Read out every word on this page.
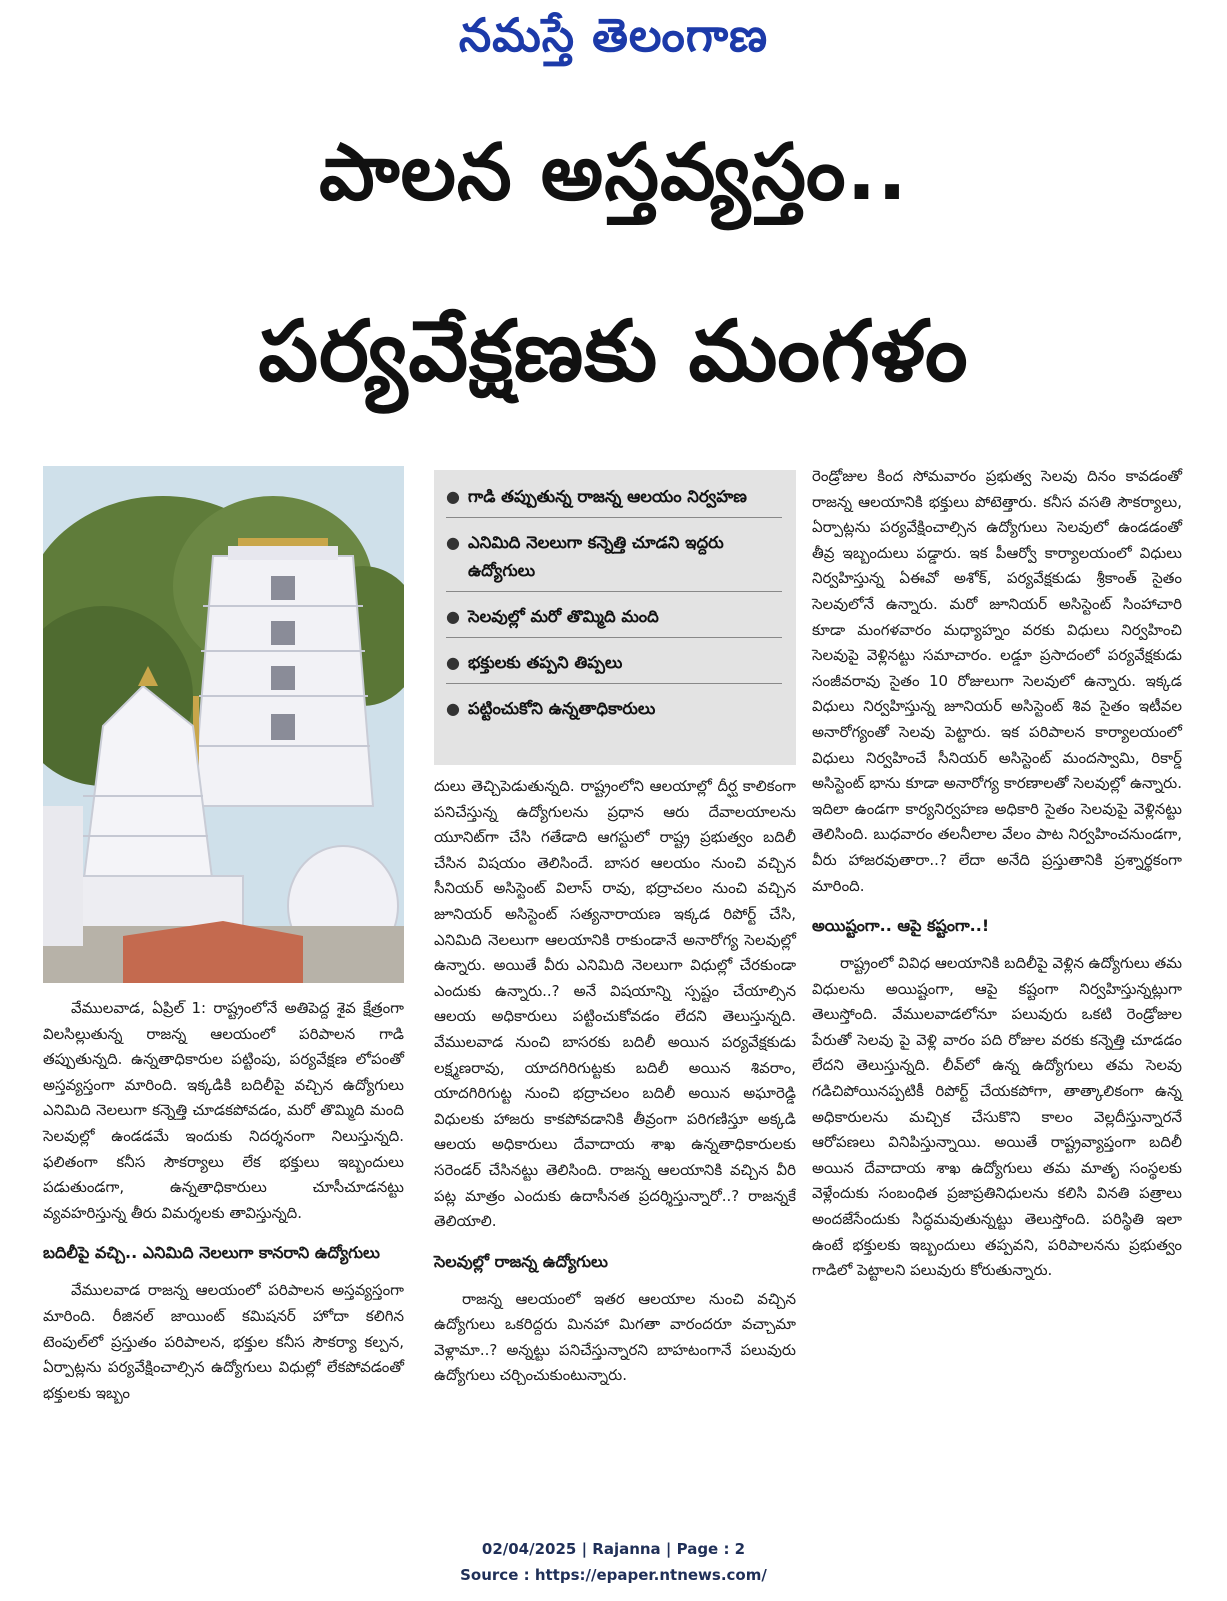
నమస్తే తెలంగాణ
పాలన అస్తవ్యస్తం..
పర్యవేక్షణకు మంగళం
● గాడి తప్పుతున్న రాజన్న ఆలయం నిర్వహణ
● ఎనిమిది నెలలుగా కన్నెత్తి చూడని ఇద్దరు ఉద్యోగులు
● సెలవుల్లో మరో తొమ్మిది మంది
● భక్తులకు తప్పని తిప్పలు
● పట్టించుకోని ఉన్నతాధికారులు

వేములవాడ, ఏప్రిల్ 1: రాష్ట్రంలోనే అతిపెద్ద శైవ క్షేత్రంగా విలసిల్లుతున్న రాజన్న ఆలయంలో పరిపాలన గాడి తప్పుతున్నది. ఉన్నతాధికారుల పట్టింపు, పర్యవేక్షణ లోపంతో అస్తవ్యస్తంగా మారింది. ఇక్కడికి బదిలీపై వచ్చిన ఉద్యోగులు ఎనిమిది నెలలుగా కన్నెత్తి చూడకపోవడం, మరో తొమ్మిది మంది సెలవుల్లో ఉండడమే ఇందుకు నిదర్శనంగా నిలుస్తున్నది. ఫలితంగా కనీస సౌకర్యాలు లేక భక్తులు ఇబ్బందులు పడుతుండగా, ఉన్నతాధికారులు చూసీచూడనట్టు వ్యవహరిస్తున్న తీరు విమర్శలకు తావిస్తున్నది.

బదిలీపై వచ్చి.. ఎనిమిది నెలలుగా కానరాని ఉద్యోగులు

వేములవాడ రాజన్న ఆలయంలో పరిపాలన అస్తవ్యస్తంగా మారింది. రీజినల్ జాయింట్ కమిషనర్ హోదా కలిగిన టెంపుల్‌లో ప్రస్తుతం పరిపాలన, భక్తుల కనీస సౌకర్యా కల్పన, ఏర్పాట్లను పర్యవేక్షించాల్సిన ఉద్యోగులు విధుల్లో లేకపోవడంతో భక్తులకు ఇబ్బం

దులు తెచ్చిపెడుతున్నది. రాష్ట్రంలోని ఆలయాల్లో దీర్ఘ కాలికంగా పనిచేస్తున్న ఉద్యోగులను ప్రధాన ఆరు దేవాలయాలను యూనిట్‌గా చేసి గతేడాది ఆగస్టులో రాష్ట్ర ప్రభుత్వం బదిలీ చేసిన విషయం తెలిసిందే. బాసర ఆలయం నుంచి వచ్చిన సీనియర్ అసిస్టెంట్ విలాస్ రావు, భద్రాచలం నుంచి వచ్చిన జూనియర్ అసిస్టెంట్ సత్యనారాయణ ఇక్కడ రిపోర్ట్ చేసి, ఎనిమిది నెలలుగా ఆలయానికి రాకుండానే అనారోగ్య సెలవుల్లో ఉన్నారు. అయితే వీరు ఎనిమిది నెలలుగా విధుల్లో చేరకుండా ఎందుకు ఉన్నారు..? అనే విషయాన్ని స్పష్టం చేయాల్సిన ఆలయ అధికారులు పట్టించుకోవడం లేదని తెలుస్తున్నది. వేములవాడ నుంచి బాసరకు బదిలీ అయిన పర్యవేక్షకుడు లక్ష్మణరావు, యాదగిరిగుట్టకు బదిలీ అయిన శివరాం, యాదగిరిగుట్ట నుంచి భద్రాచలం బదిలీ అయిన అఘారెడ్డి విధులకు హాజరు కాకపోవడానికి తీవ్రంగా పరిగణిస్తూ అక్కడి ఆలయ అధికారులు దేవాదాయ శాఖ ఉన్నతాధికారులకు సరెండర్ చేసినట్టు తెలిసింది. రాజన్న ఆలయానికి వచ్చిన వీరి పట్ల మాత్రం ఎందుకు ఉదాసీనత ప్రదర్శిస్తున్నారో..? రాజన్నకే తెలియాలి.

సెలవుల్లో రాజన్న ఉద్యోగులు

రాజన్న ఆలయంలో ఇతర ఆలయాల నుంచి వచ్చిన ఉద్యోగులు ఒకరిద్దరు మినహా మిగతా వారందరూ వచ్చామా వెళ్లామా..? అన్నట్టు పనిచేస్తున్నారని బాహటంగానే పలువురు ఉద్యోగులు చర్చించుకుంటున్నారు.

రెండ్రోజుల కింద సోమవారం ప్రభుత్వ సెలవు దినం కావడంతో రాజన్న ఆలయానికి భక్తులు పోటెత్తారు. కనీస వసతి సౌకర్యాలు, ఏర్పాట్లను పర్యవేక్షించాల్సిన ఉద్యోగులు సెలవులో ఉండడంతో తీవ్ర ఇబ్బందులు పడ్డారు. ఇక పీఆర్వో కార్యాలయంలో విధులు నిర్వహిస్తున్న ఏఈవో అశోక్, పర్యవేక్షకుడు శ్రీకాంత్ సైతం సెలవులోనే ఉన్నారు. మరో జూనియర్ అసిస్టెంట్ సింహాచారి కూడా మంగళవారం మధ్యాహ్నం వరకు విధులు నిర్వహించి సెలవుపై వెళ్లినట్టు సమాచారం. లడ్డూ ప్రసాదంలో పర్యవేక్షకుడు సంజీవరావు సైతం 10 రోజులుగా సెలవులో ఉన్నారు. ఇక్కడ విధులు నిర్వహిస్తున్న జూనియర్ అసిస్టెంట్ శివ సైతం ఇటీవల అనారోగ్యంతో సెలవు పెట్టారు. ఇక పరిపాలన కార్యాలయంలో విధులు నిర్వహించే సీనియర్ అసిస్టెంట్ మందస్వామి, రికార్డ్ అసిస్టెంట్ భాను కూడా అనారోగ్య కారణాలతో సెలవుల్లో ఉన్నారు. ఇదిలా ఉండగా కార్యనిర్వహణ అధికారి సైతం సెలవుపై వెళ్లినట్టు తెలిసింది. బుధవారం తలనీలాల వేలం పాట నిర్వహించనుండగా, వీరు హాజరవుతారా..? లేదా అనేది ప్రస్తుతానికి ప్రశ్నార్థకంగా మారింది.

అయిష్టంగా.. ఆపై కష్టంగా..!

రాష్ట్రంలో వివిధ ఆలయానికి బదిలీపై వెళ్లిన ఉద్యోగులు తమ విధులను అయిష్టంగా, ఆపై కష్టంగా నిర్వహిస్తున్నట్లుగా తెలుస్తోంది. వేములవాడలోనూ పలువురు ఒకటి రెండ్రోజుల పేరుతో సెలవు పై వెళ్లి వారం పది రోజుల వరకు కన్నెత్తి చూడడం లేదని తెలుస్తున్నది. లీవ్‌లో ఉన్న ఉద్యోగులు తమ సెలవు గడిచిపోయినప్పటికీ రిపోర్ట్ చేయకపోగా, తాత్కాలికంగా ఉన్న అధికారులను మచ్చిక చేసుకొని కాలం వెల్లదీస్తున్నారనే ఆరోపణలు వినిపిస్తున్నాయి. అయితే రాష్ట్రవ్యాప్తంగా బదిలీ అయిన దేవాదాయ శాఖ ఉద్యోగులు తమ మాతృ సంస్థలకు వెళ్లేందుకు సంబంధిత ప్రజాప్రతినిధులను కలిసి వినతి పత్రాలు అందజేసేందుకు సిద్ధమవుతున్నట్టు తెలుస్తోంది. పరిస్థితి ఇలా ఉంటే భక్తులకు ఇబ్బందులు తప్పవని, పరిపాలనను ప్రభుత్వం గాడిలో పెట్టాలని పలువురు కోరుతున్నారు.

02/04/2025 | Rajanna | Page : 2
Source : https://epaper.ntnews.com/
